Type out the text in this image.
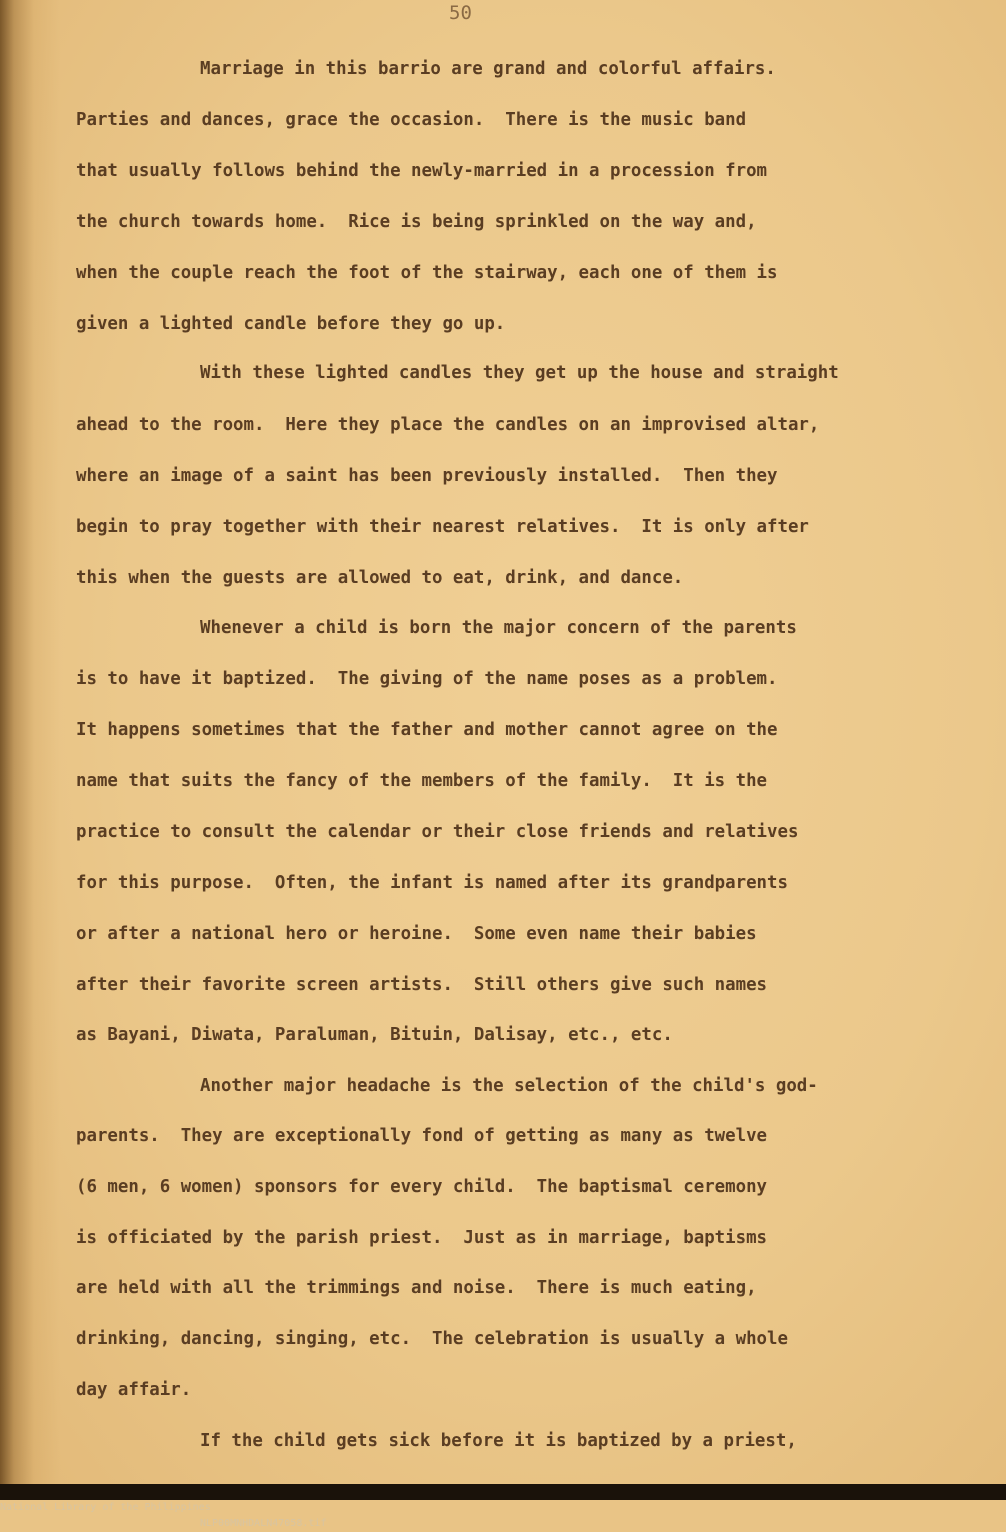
50

Marriage in this barrio are grand and colorful affairs.

Parties and dances, grace the occasion.  There is the music band

that usually follows behind the newly-married in a procession from

the church towards home.  Rice is being sprinkled on the way and,

when the couple reach the foot of the stairway, each one of them is

given a lighted candle before they go up.

With these lighted candles they get up the house and straight

ahead to the room.  Here they place the candles on an improvised altar,

where an image of a saint has been previously installed.  Then they

begin to pray together with their nearest relatives.  It is only after

this when the guests are allowed to eat, drink, and dance.

Whenever a child is born the major concern of the parents

is to have it baptized.  The giving of the name poses as a problem.

It happens sometimes that the father and mother cannot agree on the

name that suits the fancy of the members of the family.  It is the

practice to consult the calendar or their close friends and relatives

for this purpose.  Often, the infant is named after its grandparents

or after a national hero or heroine.  Some even name their babies

after their favorite screen artists.  Still others give such names

as Bayani, Diwata, Paraluman, Bituin, Dalisay, etc., etc.

Another major headache is the selection of the child's god-

parents.  They are exceptionally fond of getting as many as twelve

(6 men, 6 women) sponsors for every child.  The baptismal ceremony

is officiated by the parish priest.  Just as in marriage, baptisms

are held with all the trimmings and noise.  There is much eating,

drinking, dancing, singing, etc.  The celebration is usually a whole

day affair.

If the child gets sick before it is baptized by a priest,

National Library of the Philippines

NLP00MNHDALN47058.tif
